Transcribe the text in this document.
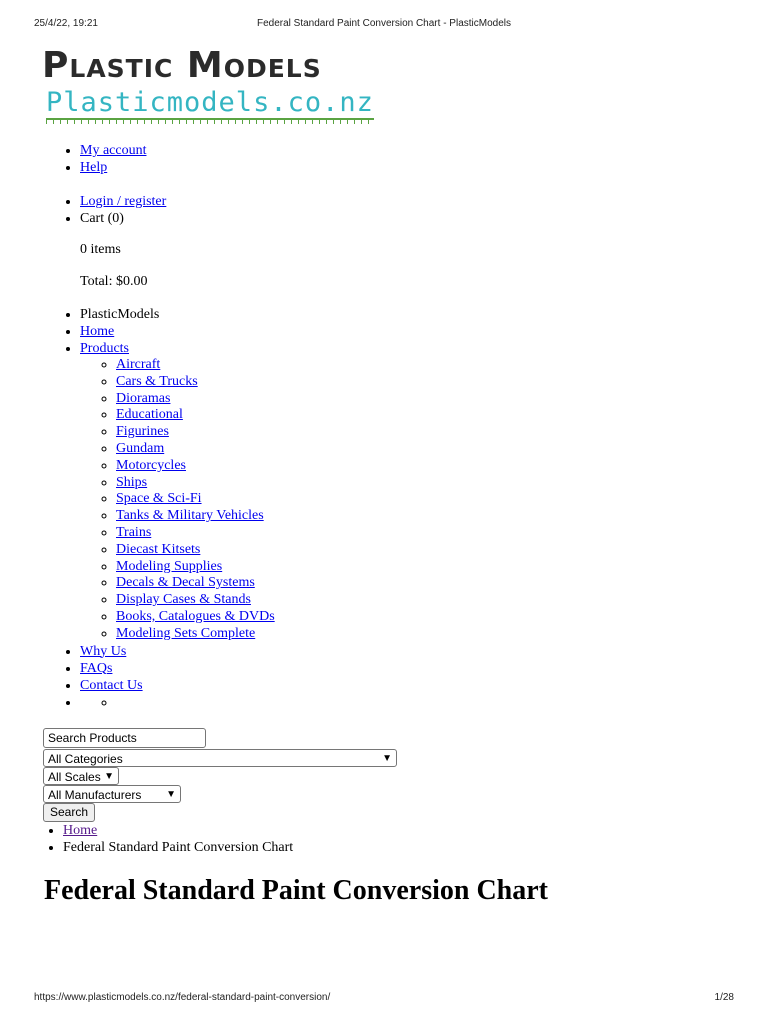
25/4/22, 19:21	Federal Standard Paint Conversion Chart - PlasticModels
Plastic Models
Plasticmodels.co.nz
• My account
• Help
• Login / register
• Cart (0)
0 items
Total: $0.00
• PlasticModels
• Home
• Products
◦ Aircraft
◦ Cars & Trucks
◦ Dioramas
◦ Educational
◦ Figurines
◦ Gundam
◦ Motorcycles
◦ Ships
◦ Space & Sci-Fi
◦ Tanks & Military Vehicles
◦ Trains
◦ Diecast Kitsets
◦ Modeling Supplies
◦ Decals & Decal Systems
◦ Display Cases & Stands
◦ Books, Catalogues & DVDs
◦ Modeling Sets Complete
• Why Us
• FAQs
• Contact Us
•
◦
Search Products
All Categories	▼
All Scales ▼
All Manufacturers ▼
Search
• Home
• Federal Standard Paint Conversion Chart
Federal Standard Paint Conversion Chart
https://www.plasticmodels.co.nz/federal-standard-paint-conversion/	1/28
